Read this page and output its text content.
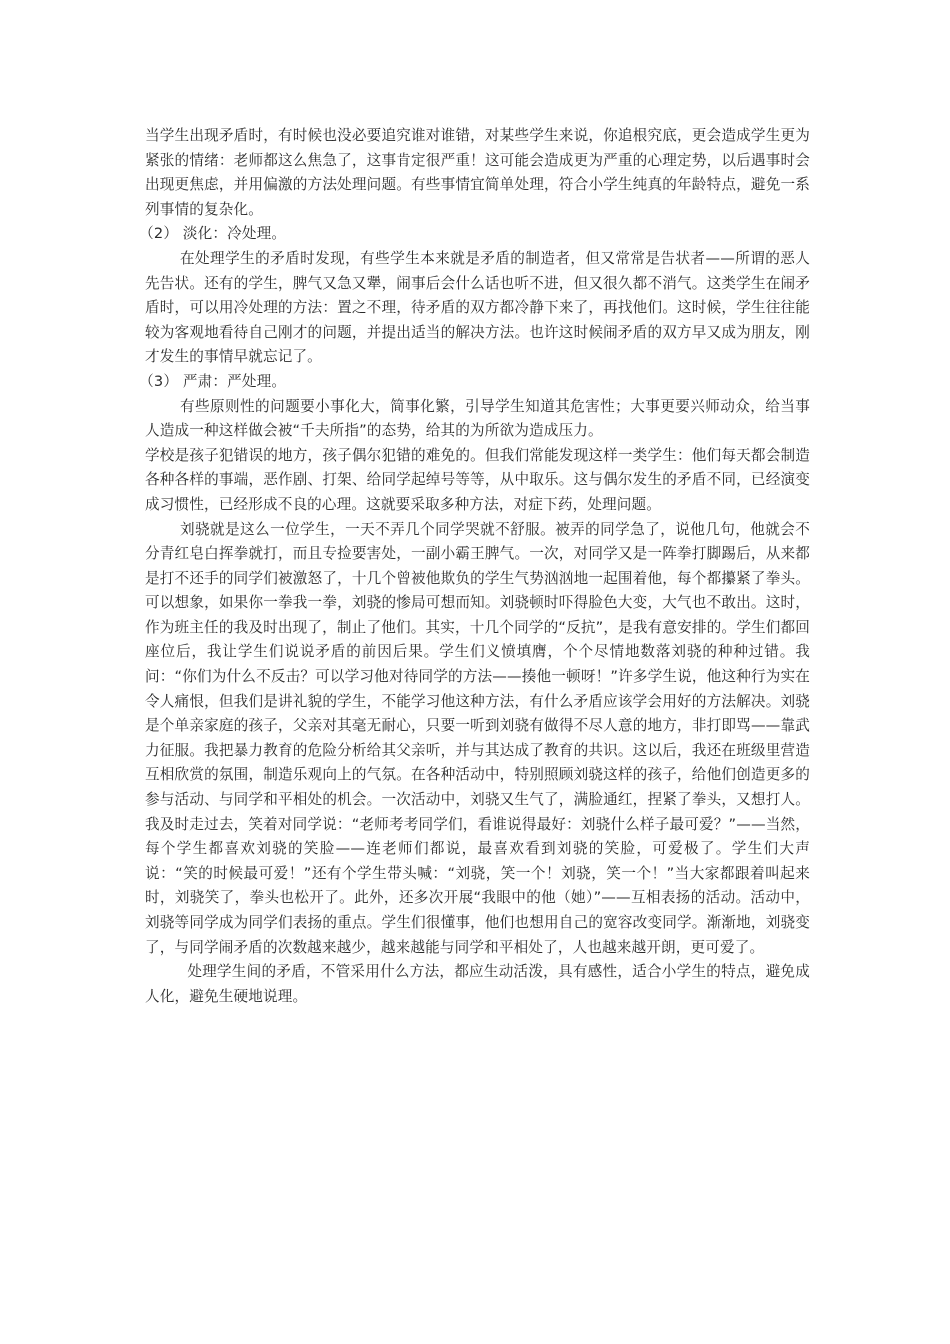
当学生出现矛盾时，有时候也没必要追究谁对谁错，对某些学生来说，你追根究底，更会造成学生更为紧张的情绪：老师都这么焦急了，这事肯定很严重！这可能会造成更为严重的心理定势，以后遇事时会出现更焦虑，并用偏激的方法处理问题。有些事情宜简单处理，符合小学生纯真的年龄特点，避免一系列事情的复杂化。

（2） 淡化：冷处理。

在处理学生的矛盾时发现，有些学生本来就是矛盾的制造者，但又常常是告状者——所谓的恶人先告状。还有的学生，脾气又急又犟，闹事后会什么话也听不进，但又很久都不消气。这类学生在闹矛盾时，可以用冷处理的方法：置之不理，待矛盾的双方都冷静下来了，再找他们。这时候，学生往往能较为客观地看待自己刚才的问题，并提出适当的解决方法。也许这时候闹矛盾的双方早又成为朋友，刚才发生的事情早就忘记了。

（3） 严肃：严处理。

有些原则性的问题要小事化大，简事化繁，引导学生知道其危害性；大事更要兴师动众，给当事人造成一种这样做会被“千夫所指”的态势，给其的为所欲为造成压力。

学校是孩子犯错误的地方，孩子偶尔犯错的难免的。但我们常能发现这样一类学生：他们每天都会制造各种各样的事端，恶作剧、打架、给同学起绰号等等，从中取乐。这与偶尔发生的矛盾不同，已经演变成习惯性，已经形成不良的心理。这就要采取多种方法，对症下药，处理问题。

刘骁就是这么一位学生，一天不弄几个同学哭就不舒服。被弄的同学急了，说他几句，他就会不分青红皂白挥拳就打，而且专捡要害处，一副小霸王脾气。一次，对同学又是一阵拳打脚踢后，从来都是打不还手的同学们被激怒了，十几个曾被他欺负的学生气势汹汹地一起围着他，每个都攥紧了拳头。可以想象，如果你一拳我一拳，刘骁的惨局可想而知。刘骁顿时吓得脸色大变，大气也不敢出。这时，作为班主任的我及时出现了，制止了他们。其实，十几个同学的“反抗”，是我有意安排的。学生们都回座位后，我让学生们说说矛盾的前因后果。学生们义愤填膺，个个尽情地数落刘骁的种种过错。我问：“你们为什么不反击？可以学习他对待同学的方法——揍他一顿呀！”许多学生说，他这种行为实在令人痛恨，但我们是讲礼貌的学生，不能学习他这种方法，有什么矛盾应该学会用好的方法解决。刘骁是个单亲家庭的孩子，父亲对其毫无耐心，只要一听到刘骁有做得不尽人意的地方，非打即骂——靠武力征服。我把暴力教育的危险分析给其父亲听，并与其达成了教育的共识。这以后，我还在班级里营造互相欣赏的氛围，制造乐观向上的气氛。在各种活动中，特别照顾刘骁这样的孩子，给他们创造更多的参与活动、与同学和平相处的机会。一次活动中，刘骁又生气了，满脸通红，捏紧了拳头，又想打人。我及时走过去，笑着对同学说：“老师考考同学们，看谁说得最好：刘骁什么样子最可爱？”——当然，每个学生都喜欢刘骁的笑脸——连老师们都说，最喜欢看到刘骁的笑脸，可爱极了。学生们大声说：“笑的时候最可爱！”还有个学生带头喊：“刘骁，笑一个！刘骁，笑一个！”当大家都跟着叫起来时，刘骁笑了，拳头也松开了。此外，还多次开展“我眼中的他（她）”——互相表扬的活动。活动中，刘骁等同学成为同学们表扬的重点。学生们很懂事，他们也想用自己的宽容改变同学。渐渐地，刘骁变了，与同学闹矛盾的次数越来越少，越来越能与同学和平相处了，人也越来越开朗，更可爱了。

处理学生间的矛盾，不管采用什么方法，都应生动活泼，具有感性，适合小学生的特点，避免成人化，避免生硬地说理。
